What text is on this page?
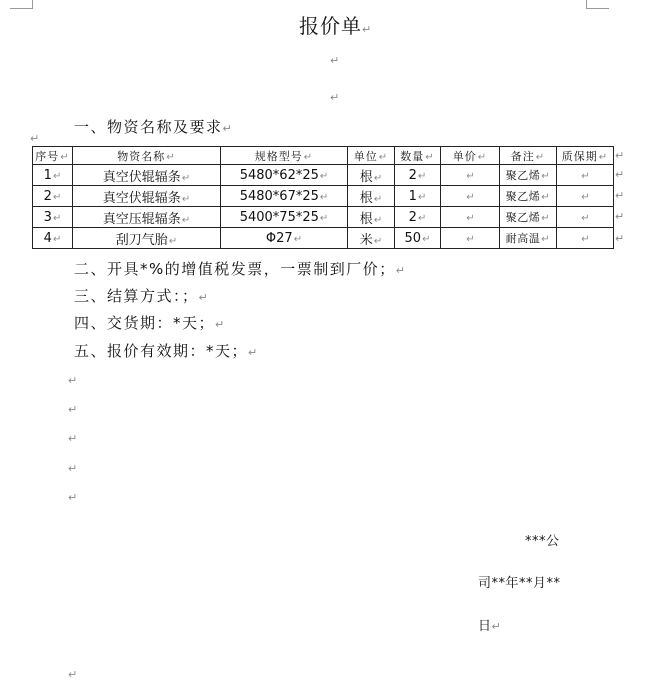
报价单↵
↵
↵
一、物资名称及要求↵
↵
序号↵	物资名称↵	规格型号↵	单位↵	数量↵	单价↵	备注↵	质保期↵
1↵	真空伏辊辐条↵	5480*62*25↵	根↵	2↵	↵	聚乙烯↵	↵
2↵	真空伏辊辐条↵	5480*67*25↵	根↵	1↵	↵	聚乙烯↵	↵
3↵	真空压辊辐条↵	5400*75*25↵	根↵	2↵	↵	聚乙烯↵	↵
4↵	刮刀气胎↵	Φ27↵	米↵	50↵	↵	耐高温↵	↵
↵
↵
↵
↵
↵
二、开具*%的增值税发票，一票制到厂价；↵
三、结算方式：；↵
四、交货期：*天；↵
五、报价有效期：*天；↵
↵
↵
↵
↵
↵
***公
司**年**月**
日↵
↵
